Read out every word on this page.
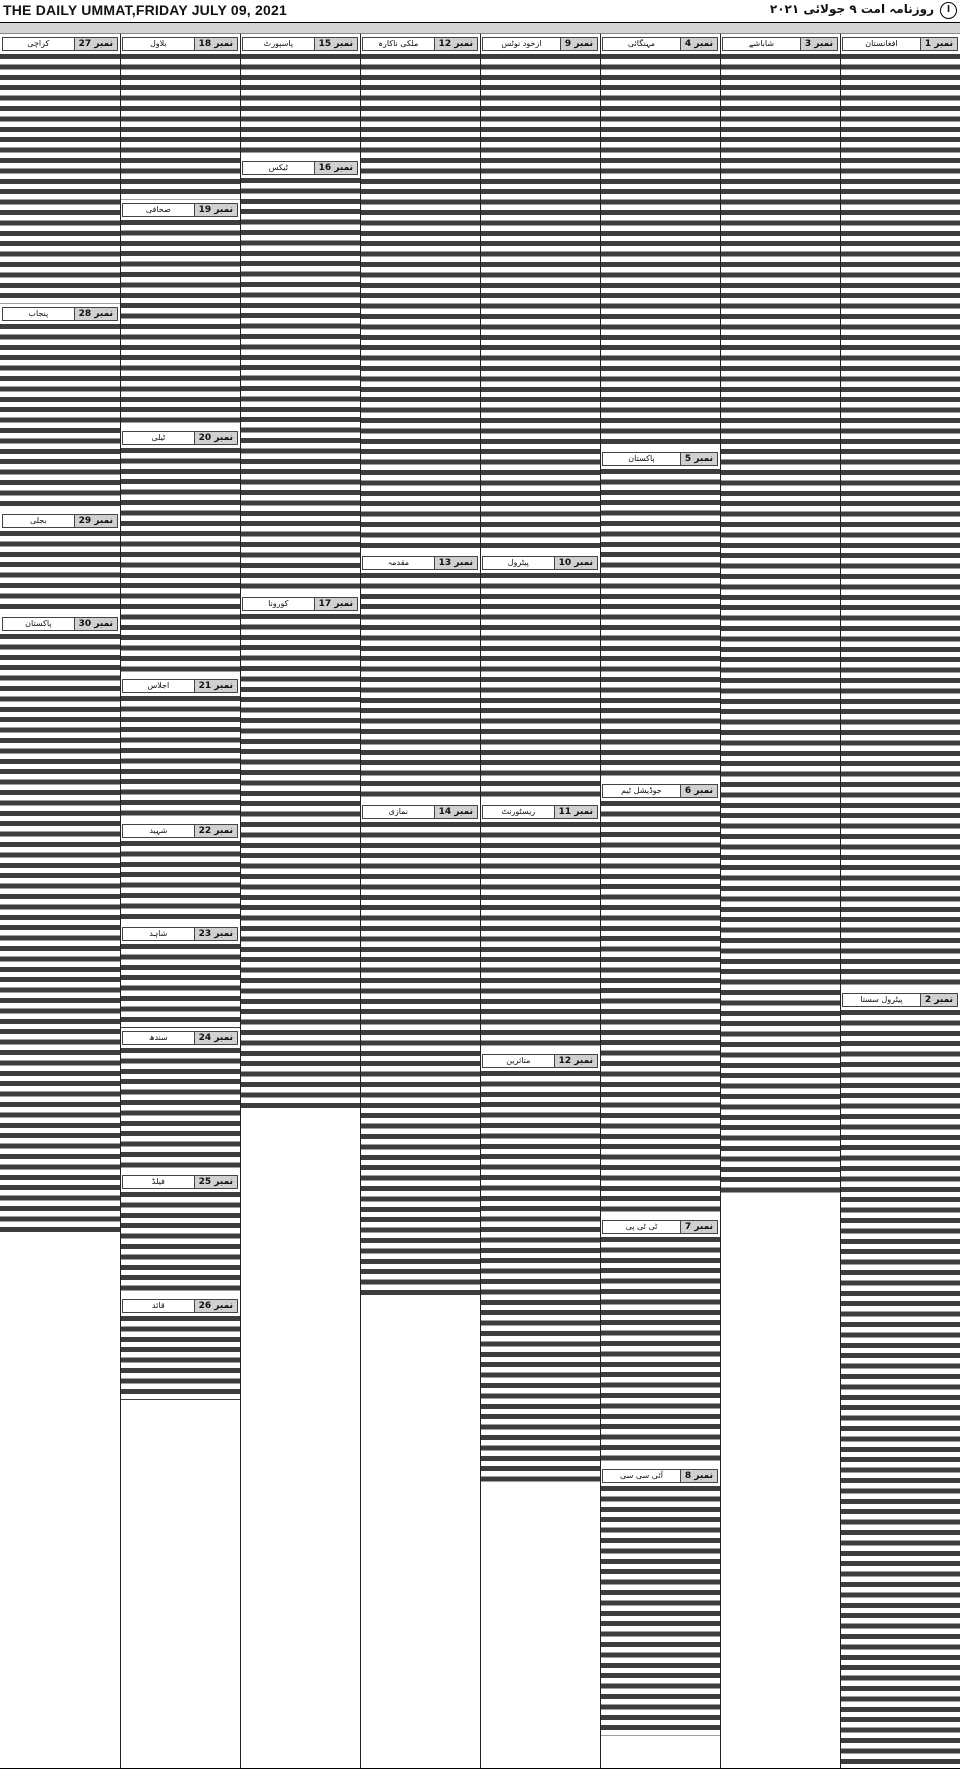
THE DAILY UMMAT,FRIDAY JULY 09, 2021	روزنامہ امت ۹ جولائی ۲۰۲۱	ا
نمبر 1
افغانستان
نمبر 2
پیٹرول سستا
نمبر 3
شاباشے
نمبر 4
مہنگائی
نمبر 5
پاکستان
نمبر 6
جوڈیشل ٹیم
نمبر 7
ٹی ٹی پی
نمبر 8
آئی سی سی
نمبر 9
ازخود نوٹس
نمبر 10
پیٹرول
نمبر 11
ریسٹورنٹ
نمبر 12
متاثرین
نمبر 12
ملکی ناکارہ
نمبر 13
مقدمہ
نمبر 14
نمازی
نمبر 15
پاسپورٹ
نمبر 16
ٹیکس
نمبر 17
کورونا
نمبر 18
بلاول
نمبر 19
صحافی
نمبر 20
ٹیلی
نمبر 21
اجلاس
نمبر 22
شہید
نمبر 23
شاہد
نمبر 24
سندھ
نمبر 25
فیلڈ
نمبر 26
قائد
نمبر 27
کراچی
نمبر 28
پنجاب
نمبر 29
بجلی
نمبر 30
پاکستان
